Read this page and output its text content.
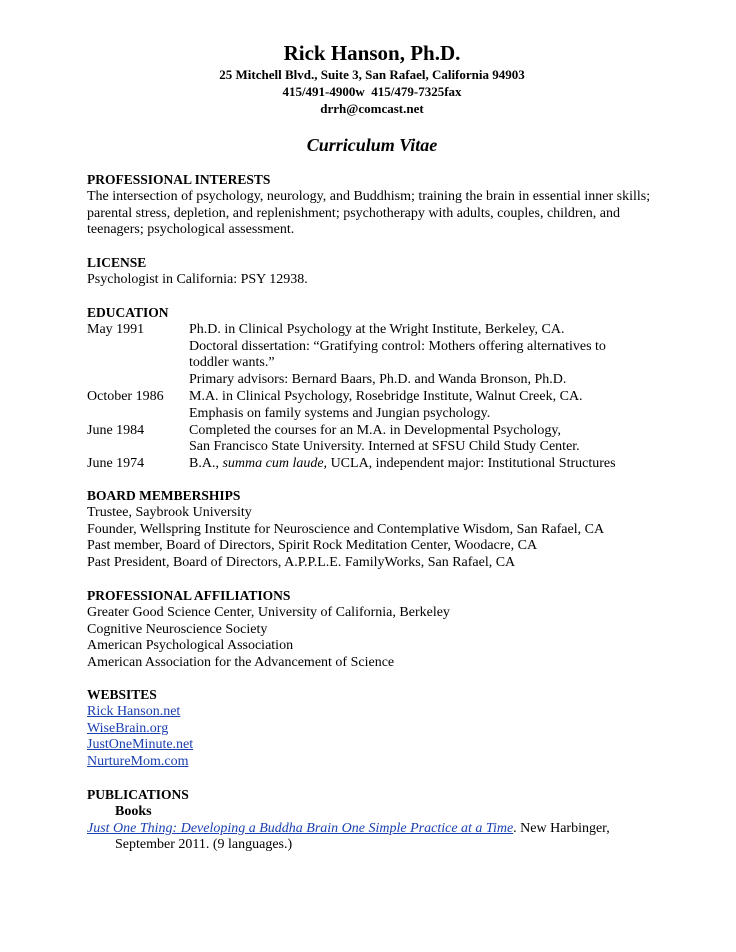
Rick Hanson, Ph.D.
25 Mitchell Blvd., Suite 3, San Rafael, California 94903
415/491-4900w  415/479-7325fax
drrh@comcast.net
Curriculum Vitae
PROFESSIONAL INTERESTS

The intersection of psychology, neurology, and Buddhism; training the brain in essential inner skills; parental stress, depletion, and replenishment; psychotherapy with adults, couples, children, and teenagers; psychological assessment.

LICENSE
Psychologist in California: PSY 12938.
EDUCATION
May 1991	Ph.D. in Clinical Psychology at the Wright Institute, Berkeley, CA.
Doctoral dissertation: “Gratifying control: Mothers offering alternatives to toddler wants.”
Primary advisors: Bernard Baars, Ph.D. and Wanda Bronson, Ph.D.
October 1986	M.A. in Clinical Psychology, Rosebridge Institute, Walnut Creek, CA.
Emphasis on family systems and Jungian psychology.
June 1984	Completed the courses for an M.A. in Developmental Psychology,
San Francisco State University. Interned at SFSU Child Study Center.
June 1974	B.A., summa cum laude, UCLA, independent major: Institutional Structures
BOARD MEMBERSHIPS
Trustee, Saybrook University
Founder, Wellspring Institute for Neuroscience and Contemplative Wisdom, San Rafael, CA
Past member, Board of Directors, Spirit Rock Meditation Center, Woodacre, CA
Past President, Board of Directors, A.P.P.L.E. FamilyWorks, San Rafael, CA
PROFESSIONAL AFFILIATIONS
Greater Good Science Center, University of California, Berkeley
Cognitive Neuroscience Society
American Psychological Association
American Association for the Advancement of Science
WEBSITES
Rick Hanson.net
WiseBrain.org
JustOneMinute.net
NurtureMom.com
PUBLICATIONS
Books
Just One Thing: Developing a Buddha Brain One Simple Practice at a Time. New Harbinger, September 2011. (9 languages.)
